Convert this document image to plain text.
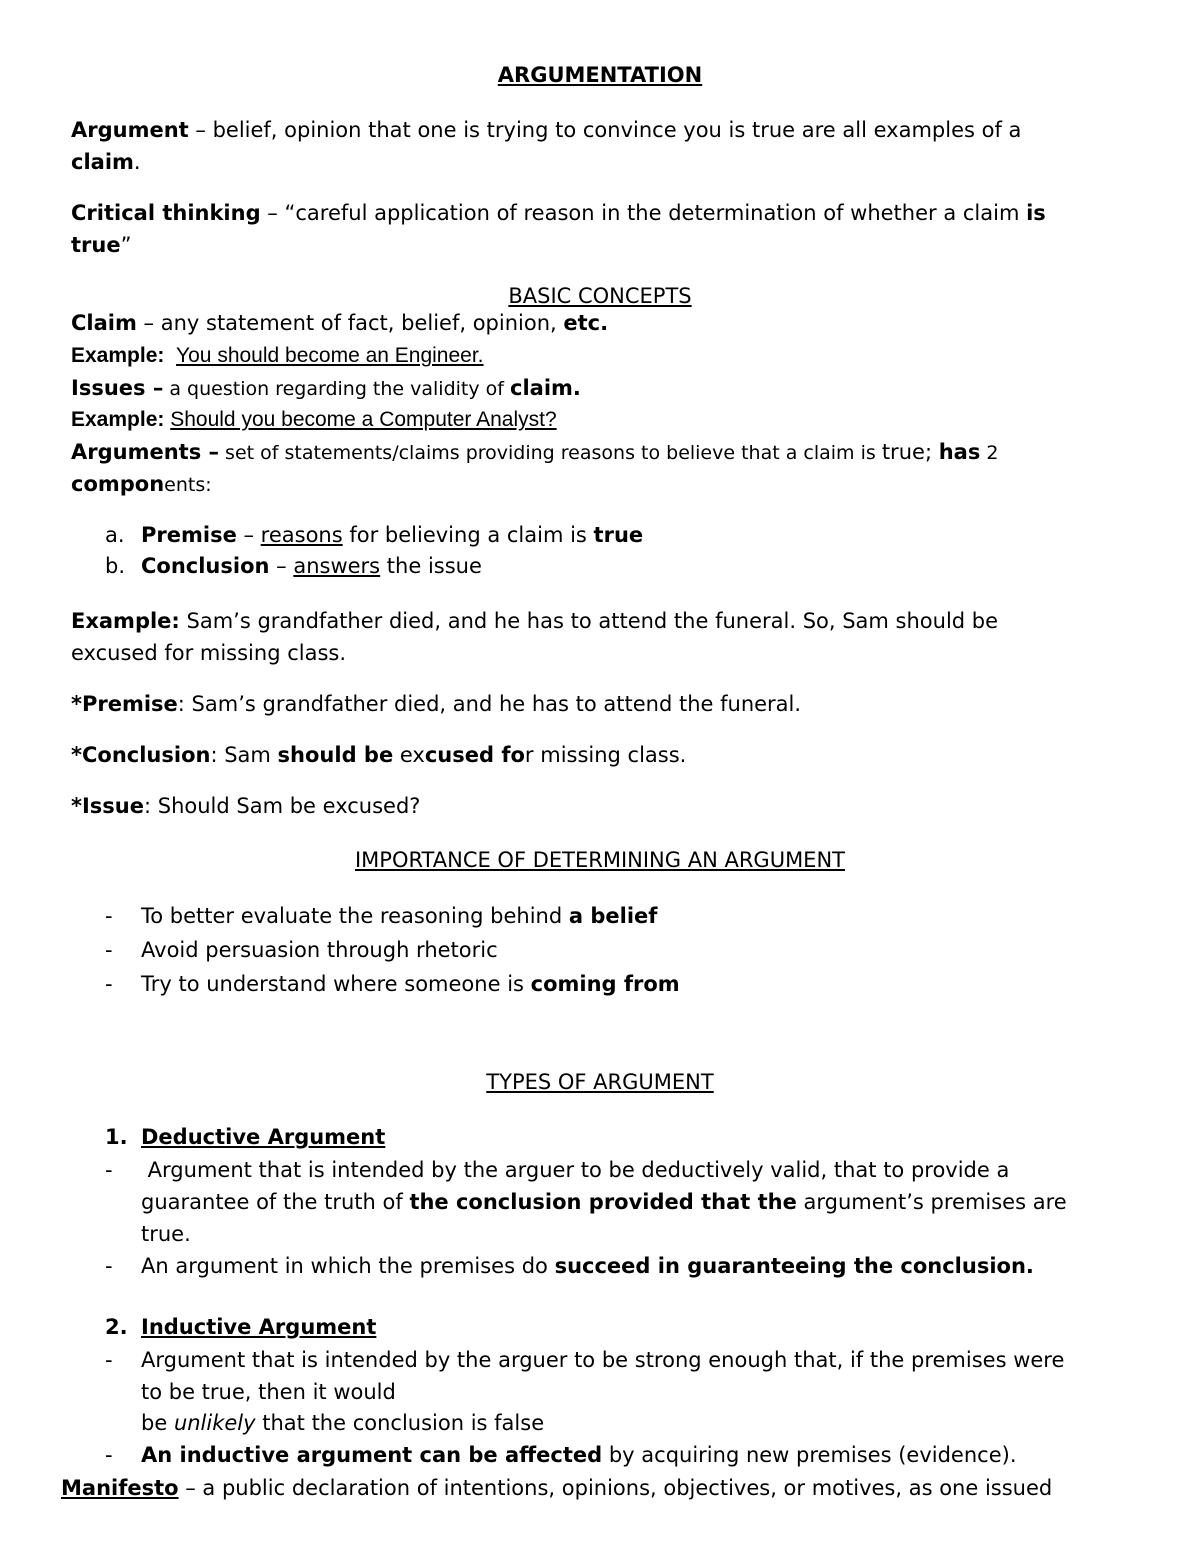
ARGUMENTATION
Argument – belief, opinion that one is trying to convince you is true are all examples of a
claim.
Critical thinking – “careful application of reason in the determination of whether a claim is
true”
BASIC CONCEPTS
Claim – any statement of fact, belief, opinion, etc.
Example: You should become an Engineer.
Issues – a question regarding the validity of claim.
Example: Should you become a Computer Analyst?
Arguments – set of statements/claims providing reasons to believe that a claim is true; has 2
components:
a. Premise – reasons for believing a claim is true
b. Conclusion – answers the issue
Example: Sam’s grandfather died, and he has to attend the funeral. So, Sam should be
excused for missing class.
*Premise: Sam’s grandfather died, and he has to attend the funeral.
*Conclusion: Sam should be excused for missing class.
*Issue: Should Sam be excused?
IMPORTANCE OF DETERMINING AN ARGUMENT
- To better evaluate the reasoning behind a belief
- Avoid persuasion through rhetoric
- Try to understand where someone is coming from
TYPES OF ARGUMENT
1. Deductive Argument
- Argument that is intended by the arguer to be deductively valid, that to provide a
guarantee of the truth of the conclusion provided that the argument’s premises are
true.
- An argument in which the premises do succeed in guaranteeing the conclusion.
2. Inductive Argument
- Argument that is intended by the arguer to be strong enough that, if the premises were
to be true, then it would
be unlikely that the conclusion is false
- An inductive argument can be affected by acquiring new premises (evidence).
Manifesto – a public declaration of intentions, opinions, objectives, or motives, as one issued
